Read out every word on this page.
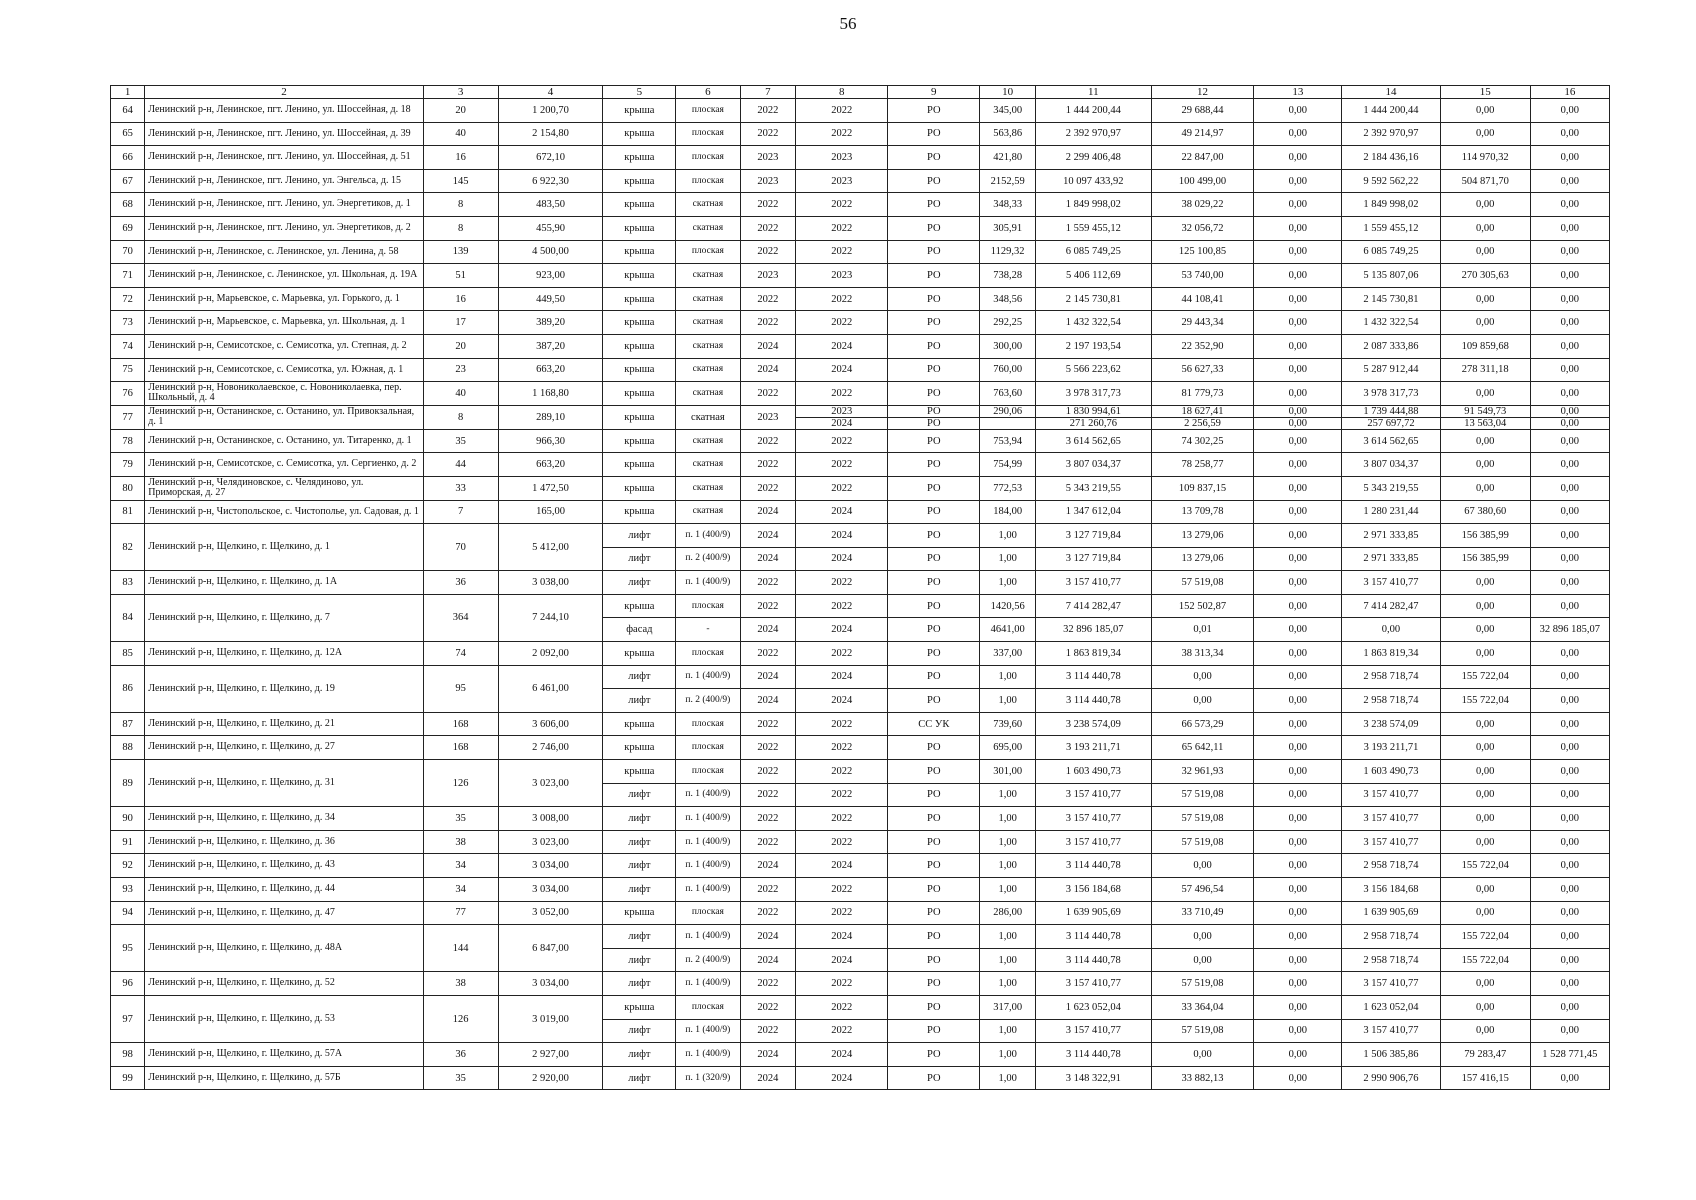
56
1	2	3	4	5	6	7	8	9	10	11	12	13	14	15	16
64	Ленинский р-н, Ленинское, пгт. Ленино, ул. Шоссейная, д. 18	20	1 200,70	крыша	плоская	2022	2022	РО	345,00	1 444 200,44	29 688,44	0,00	1 444 200,44	0,00	0,00
65	Ленинский р-н, Ленинское, пгт. Ленино, ул. Шоссейная, д. 39	40	2 154,80	крыша	плоская	2022	2022	РО	563,86	2 392 970,97	49 214,97	0,00	2 392 970,97	0,00	0,00
66	Ленинский р-н, Ленинское, пгт. Ленино, ул. Шоссейная, д. 51	16	672,10	крыша	плоская	2023	2023	РО	421,80	2 299 406,48	22 847,00	0,00	2 184 436,16	114 970,32	0,00
67	Ленинский р-н, Ленинское, пгт. Ленино, ул. Энгельса, д. 15	145	6 922,30	крыша	плоская	2023	2023	РО	2152,59	10 097 433,92	100 499,00	0,00	9 592 562,22	504 871,70	0,00
68	Ленинский р-н, Ленинское, пгт. Ленино, ул. Энергетиков, д. 1	8	483,50	крыша	скатная	2022	2022	РО	348,33	1 849 998,02	38 029,22	0,00	1 849 998,02	0,00	0,00
69	Ленинский р-н, Ленинское, пгт. Ленино, ул. Энергетиков, д. 2	8	455,90	крыша	скатная	2022	2022	РО	305,91	1 559 455,12	32 056,72	0,00	1 559 455,12	0,00	0,00
70	Ленинский р-н, Ленинское, с. Ленинское, ул. Ленина, д. 58	139	4 500,00	крыша	плоская	2022	2022	РО	1129,32	6 085 749,25	125 100,85	0,00	6 085 749,25	0,00	0,00
71	Ленинский р-н, Ленинское, с. Ленинское, ул. Школьная, д. 19А	51	923,00	крыша	скатная	2023	2023	РО	738,28	5 406 112,69	53 740,00	0,00	5 135 807,06	270 305,63	0,00
72	Ленинский р-н, Марьевское, с. Марьевка, ул. Горького, д. 1	16	449,50	крыша	скатная	2022	2022	РО	348,56	2 145 730,81	44 108,41	0,00	2 145 730,81	0,00	0,00
73	Ленинский р-н, Марьевское, с. Марьевка, ул. Школьная, д. 1	17	389,20	крыша	скатная	2022	2022	РО	292,25	1 432 322,54	29 443,34	0,00	1 432 322,54	0,00	0,00
74	Ленинский р-н, Семисотское, с. Семисотка, ул. Степная, д. 2	20	387,20	крыша	скатная	2024	2024	РО	300,00	2 197 193,54	22 352,90	0,00	2 087 333,86	109 859,68	0,00
75	Ленинский р-н, Семисотское, с. Семисотка, ул. Южная, д. 1	23	663,20	крыша	скатная	2024	2024	РО	760,00	5 566 223,62	56 627,33	0,00	5 287 912,44	278 311,18	0,00
76	Ленинский р-н, Новониколаевское, с. Новониколаевка, пер. Школьный, д. 4	40	1 168,80	крыша	скатная	2022	2022	РО	763,60	3 978 317,73	81 779,73	0,00	3 978 317,73	0,00	0,00
77	Ленинский р-н, Останинское, с. Останино, ул. Привокзальная, д. 1	8	289,10	крыша	скатная	2023	2023	РО	290,06	1 830 994,61	18 627,41	0,00	1 739 444,88	91 549,73	0,00
							2024	РО		271 260,76	2 256,59	0,00	257 697,72	13 563,04	0,00
78	Ленинский р-н, Останинское, с. Останино, ул. Титаренко, д. 1	35	966,30	крыша	скатная	2022	2022	РО	753,94	3 614 562,65	74 302,25	0,00	3 614 562,65	0,00	0,00
79	Ленинский р-н, Семисотское, с. Семисотка, ул. Сергиенко, д. 2	44	663,20	крыша	скатная	2022	2022	РО	754,99	3 807 034,37	78 258,77	0,00	3 807 034,37	0,00	0,00
80	Ленинский р-н, Челядиновское, с. Челядиново, ул. Приморская, д. 27	33	1 472,50	крыша	скатная	2022	2022	РО	772,53	5 343 219,55	109 837,15	0,00	5 343 219,55	0,00	0,00
81	Ленинский р-н, Чистопольское, с. Чистополье, ул. Садовая, д. 1	7	165,00	крыша	скатная	2024	2024	РО	184,00	1 347 612,04	13 709,78	0,00	1 280 231,44	67 380,60	0,00
82	Ленинский р-н, Щелкино, г. Щелкино, д. 1	70	5 412,00	лифт	п. 1 (400/9)	2024	2024	РО	1,00	3 127 719,84	13 279,06	0,00	2 971 333,85	156 385,99	0,00
				лифт	п. 2 (400/9)	2024	2024	РО	1,00	3 127 719,84	13 279,06	0,00	2 971 333,85	156 385,99	0,00
83	Ленинский р-н, Щелкино, г. Щелкино, д. 1А	36	3 038,00	лифт	п. 1 (400/9)	2022	2022	РО	1,00	3 157 410,77	57 519,08	0,00	3 157 410,77	0,00	0,00
84	Ленинский р-н, Щелкино, г. Щелкино, д. 7	364	7 244,10	крыша	плоская	2022	2022	РО	1420,56	7 414 282,47	152 502,87	0,00	7 414 282,47	0,00	0,00
				фасад	-	2024	2024	РО	4641,00	32 896 185,07	0,01	0,00	0,00	0,00	32 896 185,07
85	Ленинский р-н, Щелкино, г. Щелкино, д. 12А	74	2 092,00	крыша	плоская	2022	2022	РО	337,00	1 863 819,34	38 313,34	0,00	1 863 819,34	0,00	0,00
86	Ленинский р-н, Щелкино, г. Щелкино, д. 19	95	6 461,00	лифт	п. 1 (400/9)	2024	2024	РО	1,00	3 114 440,78	0,00	0,00	2 958 718,74	155 722,04	0,00
				лифт	п. 2 (400/9)	2024	2024	РО	1,00	3 114 440,78	0,00	0,00	2 958 718,74	155 722,04	0,00
87	Ленинский р-н, Щелкино, г. Щелкино, д. 21	168	3 606,00	крыша	плоская	2022	2022	СС УК	739,60	3 238 574,09	66 573,29	0,00	3 238 574,09	0,00	0,00
88	Ленинский р-н, Щелкино, г. Щелкино, д. 27	168	2 746,00	крыша	плоская	2022	2022	РО	695,00	3 193 211,71	65 642,11	0,00	3 193 211,71	0,00	0,00
89	Ленинский р-н, Щелкино, г. Щелкино, д. 31	126	3 023,00	крыша	плоская	2022	2022	РО	301,00	1 603 490,73	32 961,93	0,00	1 603 490,73	0,00	0,00
				лифт	п. 1 (400/9)	2022	2022	РО	1,00	3 157 410,77	57 519,08	0,00	3 157 410,77	0,00	0,00
90	Ленинский р-н, Щелкино, г. Щелкино, д. 34	35	3 008,00	лифт	п. 1 (400/9)	2022	2022	РО	1,00	3 157 410,77	57 519,08	0,00	3 157 410,77	0,00	0,00
91	Ленинский р-н, Щелкино, г. Щелкино, д. 36	38	3 023,00	лифт	п. 1 (400/9)	2022	2022	РО	1,00	3 157 410,77	57 519,08	0,00	3 157 410,77	0,00	0,00
92	Ленинский р-н, Щелкино, г. Щелкино, д. 43	34	3 034,00	лифт	п. 1 (400/9)	2024	2024	РО	1,00	3 114 440,78	0,00	0,00	2 958 718,74	155 722,04	0,00
93	Ленинский р-н, Щелкино, г. Щелкино, д. 44	34	3 034,00	лифт	п. 1 (400/9)	2022	2022	РО	1,00	3 156 184,68	57 496,54	0,00	3 156 184,68	0,00	0,00
94	Ленинский р-н, Щелкино, г. Щелкино, д. 47	77	3 052,00	крыша	плоская	2022	2022	РО	286,00	1 639 905,69	33 710,49	0,00	1 639 905,69	0,00	0,00
95	Ленинский р-н, Щелкино, г. Щелкино, д. 48А	144	6 847,00	лифт	п. 1 (400/9)	2024	2024	РО	1,00	3 114 440,78	0,00	0,00	2 958 718,74	155 722,04	0,00
				лифт	п. 2 (400/9)	2024	2024	РО	1,00	3 114 440,78	0,00	0,00	2 958 718,74	155 722,04	0,00
96	Ленинский р-н, Щелкино, г. Щелкино, д. 52	38	3 034,00	лифт	п. 1 (400/9)	2022	2022	РО	1,00	3 157 410,77	57 519,08	0,00	3 157 410,77	0,00	0,00
97	Ленинский р-н, Щелкино, г. Щелкино, д. 53	126	3 019,00	крыша	плоская	2022	2022	РО	317,00	1 623 052,04	33 364,04	0,00	1 623 052,04	0,00	0,00
				лифт	п. 1 (400/9)	2022	2022	РО	1,00	3 157 410,77	57 519,08	0,00	3 157 410,77	0,00	0,00
98	Ленинский р-н, Щелкино, г. Щелкино, д. 57А	36	2 927,00	лифт	п. 1 (400/9)	2024	2024	РО	1,00	3 114 440,78	0,00	0,00	1 506 385,86	79 283,47	1 528 771,45
99	Ленинский р-н, Щелкино, г. Щелкино, д. 57Б	35	2 920,00	лифт	п. 1 (320/9)	2024	2024	РО	1,00	3 148 322,91	33 882,13	0,00	2 990 906,76	157 416,15	0,00
